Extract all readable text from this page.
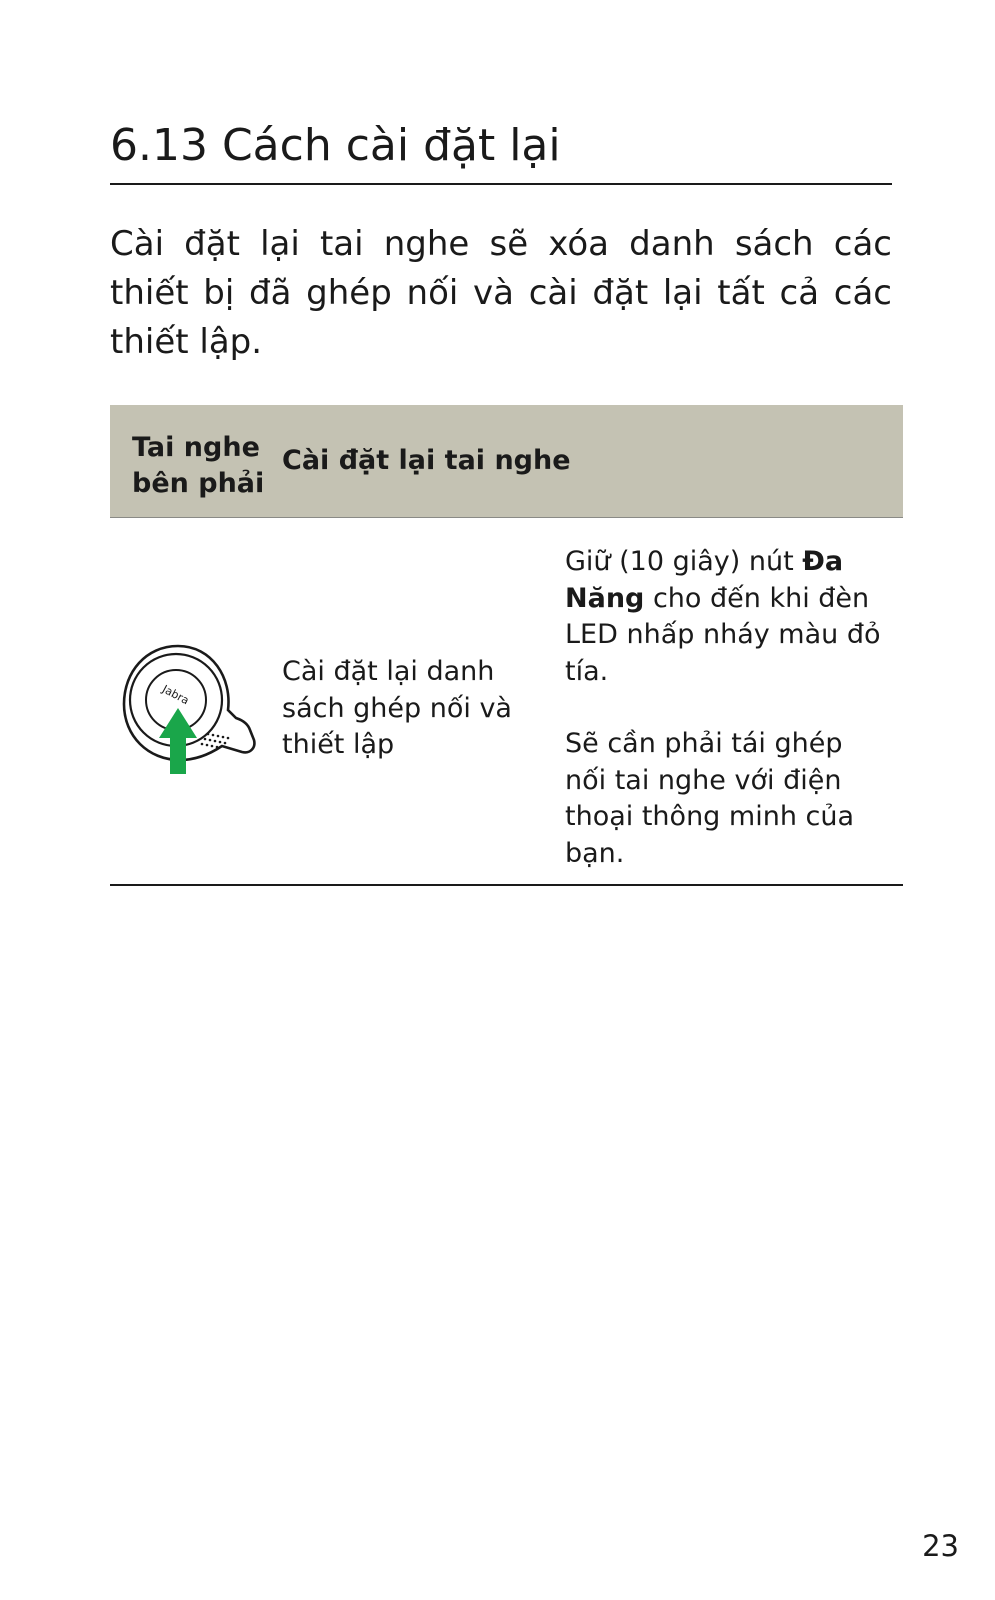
6.13 Cách cài đặt lại

Cài đặt lại tai nghe sẽ xóa danh sách các thiết bị đã ghép nối và cài đặt lại tất cả các thiết lập.

Tai nghe bên phải
Cài đặt lại tai nghe
Jabra
Cài đặt lại danh sách ghép nối và thiết lập

Giữ (10 giây) nút Đa Năng cho đến khi đèn LED nhấp nháy màu đỏ tía.

Sẽ cần phải tái ghép nối tai nghe với điện thoại thông minh của bạn.

23
